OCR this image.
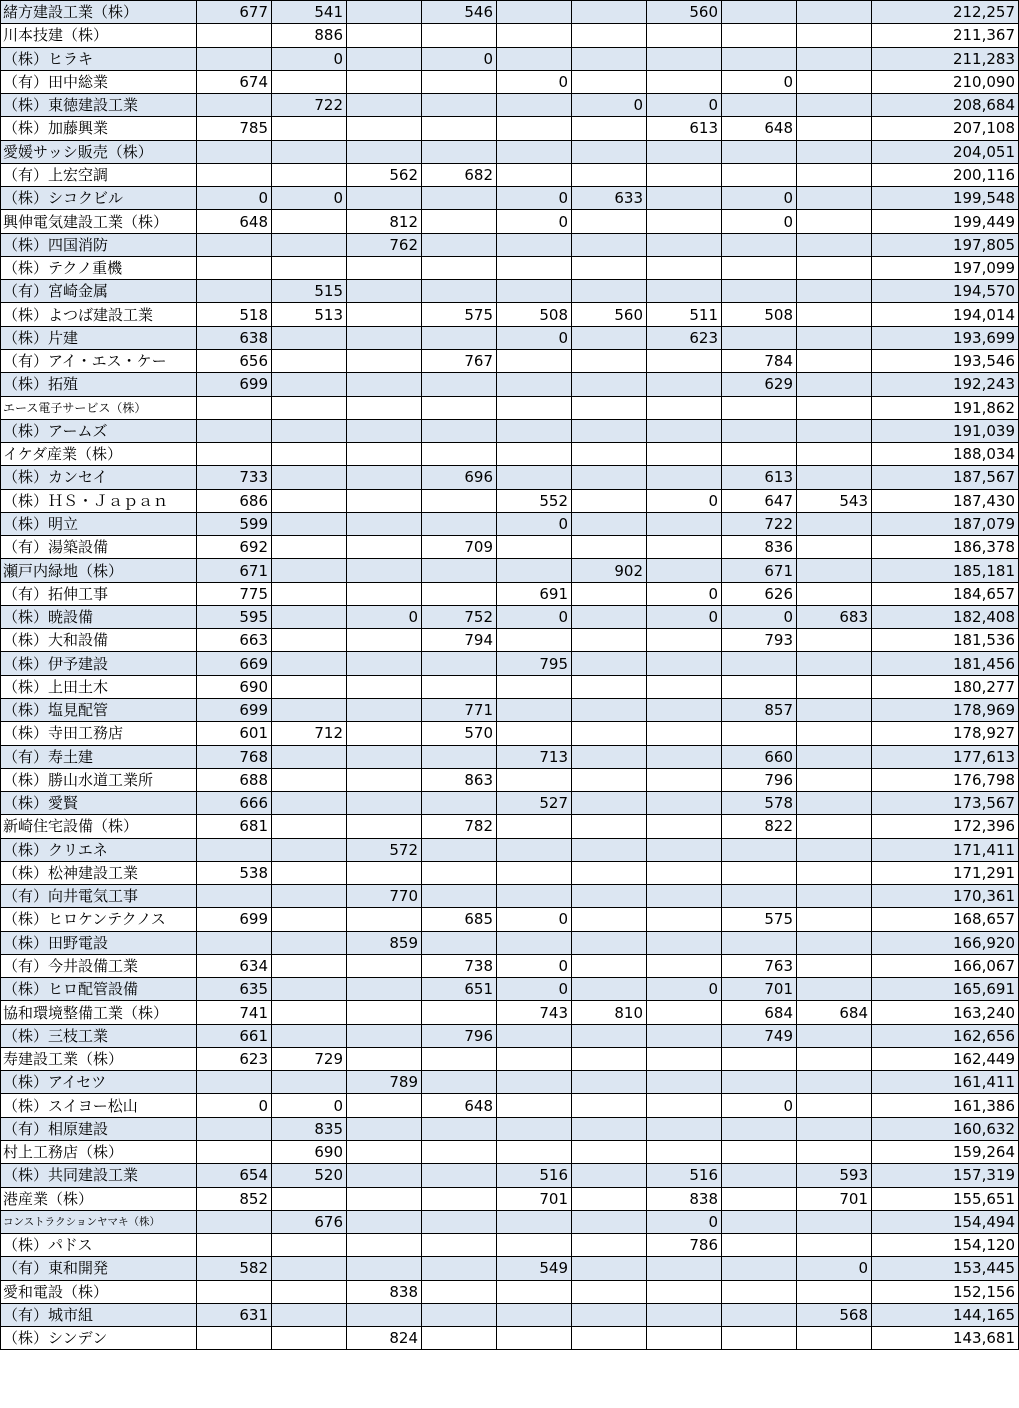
緒方建設工業（株）	677	541		546			560			212,257
川本技建（株）		886								211,367
（株）ヒラキ		0		0						211,283
（有）田中総業	674				0			0		210,090
（株）東徳建設工業		722				0	0			208,684
（株）加藤興業	785						613	648		207,108
愛媛サッシ販売（株）										204,051
（有）上宏空調			562	682						200,116
（株）シコクビル	0	0			0	633		0		199,548
興伸電気建設工業（株）	648		812		0			0		199,449
（株）四国消防			762							197,805
（株）テクノ重機										197,099
（有）宮崎金属		515								194,570
（株）よつば建設工業	518	513		575	508	560	511	508		194,014
（株）片建	638				0		623			193,699
（有）アイ・エス・ケー	656			767				784		193,546
（株）拓殖	699							629		192,243
エース電子サービス（株）										191,862
（株）アームズ										191,039
イケダ産業（株）										188,034
（株）カンセイ	733			696				613		187,567
（株）ＨＳ・Ｊａｐａｎ	686				552		0	647	543	187,430
（株）明立	599				0			722		187,079
（有）湯築設備	692			709				836		186,378
瀬戸内緑地（株）	671					902		671		185,181
（有）拓伸工事	775				691		0	626		184,657
（株）暁設備	595		0	752	0		0	0	683	182,408
（株）大和設備	663			794				793		181,536
（株）伊予建設	669				795					181,456
（株）上田土木	690									180,277
（株）塩見配管	699			771				857		178,969
（株）寺田工務店	601	712		570						178,927
（有）寿土建	768				713			660		177,613
（株）勝山水道工業所	688			863				796		176,798
（株）愛賢	666				527			578		173,567
新崎住宅設備（株）	681			782				822		172,396
（株）クリエネ			572							171,411
（株）松神建設工業	538									171,291
（有）向井電気工事			770							170,361
（株）ヒロケンテクノス	699			685	0			575		168,657
（株）田野電設			859							166,920
（有）今井設備工業	634			738	0			763		166,067
（株）ヒロ配管設備	635			651	0		0	701		165,691
協和環境整備工業（株）	741				743	810		684	684	163,240
（株）三枝工業	661			796				749		162,656
寿建設工業（株）	623	729								162,449
（株）アイセツ			789							161,411
（株）スイヨー松山	0	0		648				0		161,386
（有）相原建設		835								160,632
村上工務店（株）		690								159,264
（株）共同建設工業	654	520			516		516		593	157,319
港産業（株）	852				701		838		701	155,651
コンストラクションヤマキ（株）		676					0			154,494
（株）パドス							786			154,120
（有）東和開発	582				549				0	153,445
愛和電設（株）			838							152,156
（有）城市組	631								568	144,165
（株）シンデン			824							143,681
